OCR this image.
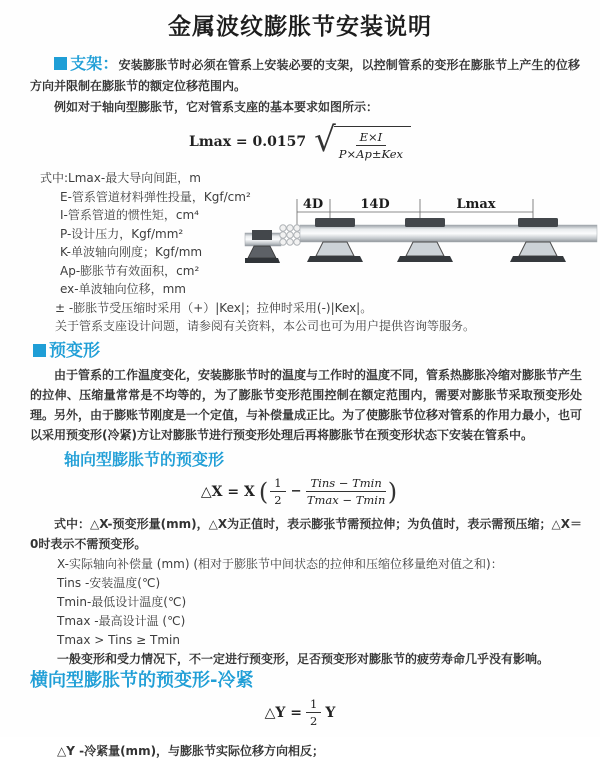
金属波纹膨胀节安装说明

支架：安装膨胀节时必须在管系上安装必要的支架，以控制管系的变形在膨胀节上产生的位移方向并限制在膨胀节的额定位移范围内。

例如对于轴向型膨胀节，它对管系支座的基本要求如图所示：

Lmax = 0.0157 √ $\frac{E\times I}{\text{P×Ap±Kex}}$
式中:Lmax-最大导向间距，m
E-管系管道材料弹性投量，Kgf/cm²
I-管系管道的惯性矩，cm⁴
P-设计压力，Kgf/mm²
K-单波轴向刚度；Kgf/mm
Ap-膨胀节有效面积，cm²
ex-单波轴向位移，mm
± -膨胀节受压缩时采用（+）|Kex|；拉伸时采用(-)|Kex|。
关于管系支座设计问题，请参阅有关资料，本公司也可为用户提供咨询等服务。
4D	14D	Lmax
预变形

由于管系的工作温度变化，安装膨胀节时的温度与工作时的温度不同，管系热膨胀冷缩对膨胀节产生的拉伸、压缩量常常是不均等的，为了膨胀节变形范围控制在额定范围内，需要对膨胀节采取预变形处理。另外，由于膨账节刚度是一个定值，与补偿量成正比。为了使膨胀节位移对管系的作用力最小，也可以采用预变形(冷紧)方让对膨胀节进行预变形处理后再将膨胀节在预变形状态下安装在管系中。

轴向型膨胀节的预变形
△X = X ( $\frac{1}{2} - \frac{\text{Tins − Tmin}}{Tmax - Tmin}$ )

式中：△X-预变形量(mm)，△X为正值时，表示膨张节需预拉伸；为负值时，表示需预压缩；△X＝0时表示不需预变形。

X-实际轴向补偿量 (mm) (相对于膨胀节中间状态的拉伸和压缩位移量绝对值之和)：
Tins -安装温度(℃)
Tmin-最低设计温度(℃)
Tmax -最高设计温 (℃)
Tmax > Tins ≥ Tmin
一般变形和受力情况下，不一定进行预变形，足否预变形对膨胀节的疲劳寿命几乎没有影响。
横向型膨胀节的预变形-冷紧
△Y = $\frac{1}{2}$ Y

△Y -冷紧量(mm)，与膨胀节实际位移方向相反；
